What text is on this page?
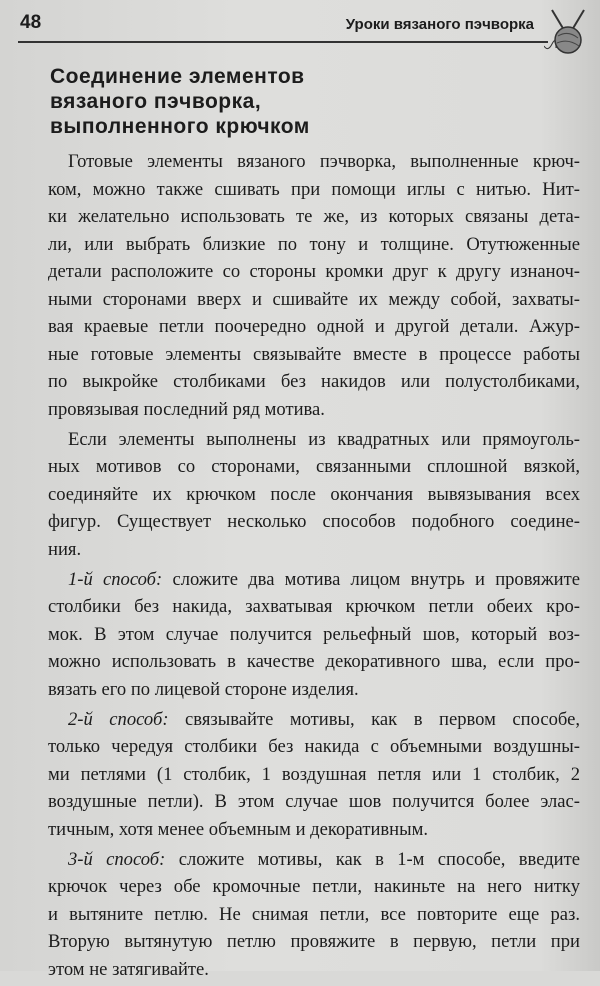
48	Уроки вязаного пэчворка
Соединение элементов
вязаного пэчворка,
выполненного крючком
Готовые элементы вязаного пэчворка, выполненные крюч-
ком, можно также сшивать при помощи иглы с нитью. Нит-
ки желательно использовать те же, из которых связаны дета-
ли, или выбрать близкие по тону и толщине. Отутюженные
детали расположите со стороны кромки друг к другу изнаноч-
ными сторонами вверх и сшивайте их между собой, захваты-
вая краевые петли поочередно одной и другой детали. Ажур-
ные готовые элементы связывайте вместе в процессе работы
по выкройке столбиками без накидов или полустолбиками,
провязывая последний ряд мотива.
Если элементы выполнены из квадратных или прямоуголь-
ных мотивов со сторонами, связанными сплошной вязкой,
соединяйте их крючком после окончания вывязывания всех
фигур. Существует несколько способов подобного соедине-
ния.
1-й способ: сложите два мотива лицом внутрь и провяжите
столбики без накида, захватывая крючком петли обеих кро-
мок. В этом случае получится рельефный шов, который воз-
можно использовать в качестве декоративного шва, если про-
вязать его по лицевой стороне изделия.
2-й способ: связывайте мотивы, как в первом способе,
только чередуя столбики без накида с объемными воздушны-
ми петлями (1 столбик, 1 воздушная петля или 1 столбик, 2
воздушные петли). В этом случае шов получится более элас-
тичным, хотя менее объемным и декоративным.
3-й способ: сложите мотивы, как в 1-м способе, введите
крючок через обе кромочные петли, накиньте на него нитку
и вытяните петлю. Не снимая петли, все повторите еще раз.
Вторую вытянутую петлю провяжите в первую, петли при
этом не затягивайте.
